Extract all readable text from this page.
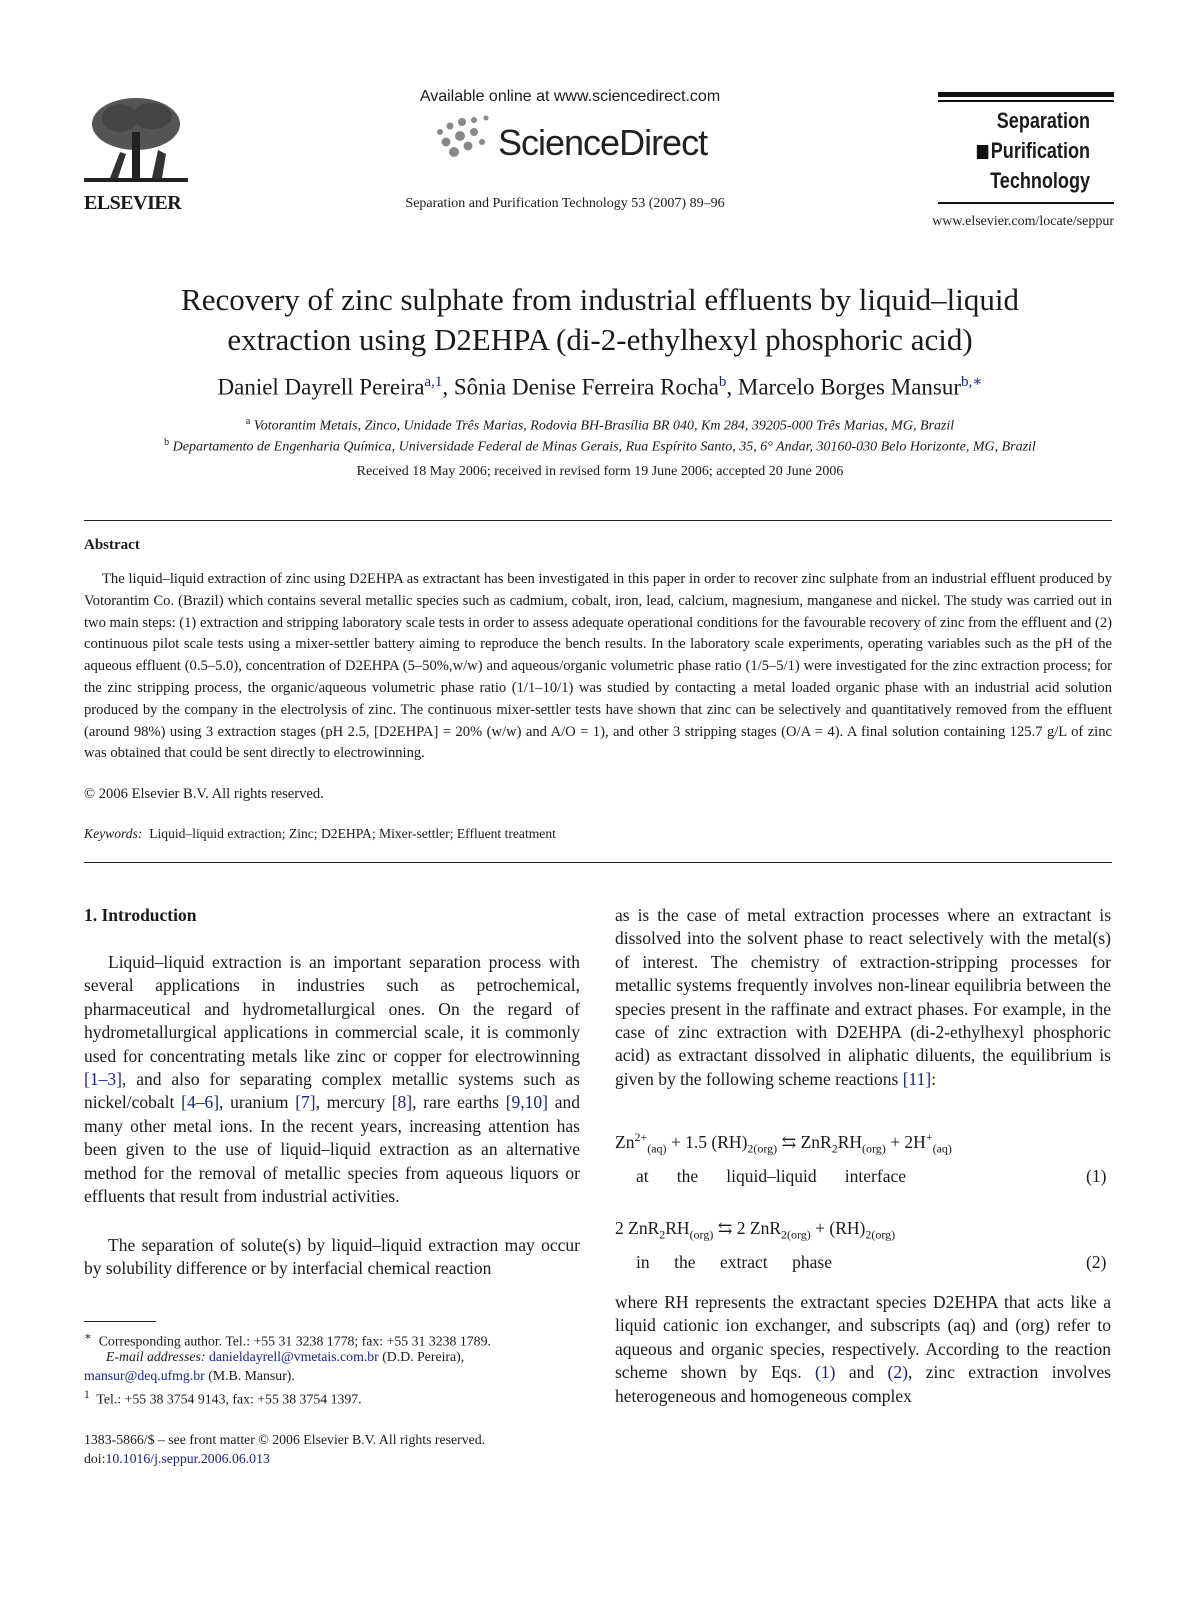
ELSEVIER
Available online at www.sciencedirect.com
ScienceDirect
Separation and Purification Technology 53 (2007) 89–96
Separation
Purification
Technology
www.elsevier.com/locate/seppur
Recovery of zinc sulphate from industrial effluents by liquid–liquid
extraction using D2EHPA (di-2-ethylhexyl phosphoric acid)
Daniel Dayrell Pereira$^{a,1}$, Sônia Denise Ferreira Rocha$^b$, Marcelo Borges Mansur$^{b,∗}$
$^a$ Votorantim Metais, Zinco, Unidade Três Marias, Rodovia BH-Brasília BR 040, Km 284, 39205-000 Três Marias, MG, Brazil
$^b$ Departamento de Engenharia Química, Universidade Federal de Minas Gerais, Rua Espírito Santo, 35, 6° Andar, 30160-030 Belo Horizonte, MG, Brazil
Received 18 May 2006; received in revised form 19 June 2006; accepted 20 June 2006
Abstract

The liquid–liquid extraction of zinc using D2EHPA as extractant has been investigated in this paper in order to recover zinc sulphate from an industrial effluent produced by Votorantim Co. (Brazil) which contains several metallic species such as cadmium, cobalt, iron, lead, calcium, magnesium, manganese and nickel. The study was carried out in two main steps: (1) extraction and stripping laboratory scale tests in order to assess adequate operational conditions for the favourable recovery of zinc from the effluent and (2) continuous pilot scale tests using a mixer-settler battery aiming to reproduce the bench results. In the laboratory scale experiments, operating variables such as the pH of the aqueous effluent (0.5–5.0), concentration of D2EHPA (5–50%,w/w) and aqueous/organic volumetric phase ratio (1/5–5/1) were investigated for the zinc extraction process; for the zinc stripping process, the organic/aqueous volumetric phase ratio (1/1–10/1) was studied by contacting a metal loaded organic phase with an industrial acid solution produced by the company in the electrolysis of zinc. The continuous mixer-settler tests have shown that zinc can be selectively and quantitatively removed from the effluent (around 98%) using 3 extraction stages (pH 2.5, [D2EHPA] = 20% (w/w) and A/O = 1), and other 3 stripping stages (O/A = 4). A final solution containing 125.7 g/L of zinc was obtained that could be sent directly to electrowinning.

© 2006 Elsevier B.V. All rights reserved.
Keywords: Liquid–liquid extraction; Zinc; D2EHPA; Mixer-settler; Effluent treatment
1. Introduction

Liquid–liquid extraction is an important separation process with several applications in industries such as petrochemical, pharmaceutical and hydrometallurgical ones. On the regard of hydrometallurgical applications in commercial scale, it is commonly used for concentrating metals like zinc or copper for electrowinning [1–3], and also for separating complex metallic systems such as nickel/cobalt [4–6], uranium [7], mercury [8], rare earths [9,10] and many other metal ions. In the recent years, increasing attention has been given to the use of liquid–liquid extraction as an alternative method for the removal of metallic species from aqueous liquors or effluents that result from industrial activities.

The separation of solute(s) by liquid–liquid extraction may occur by solubility difference or by interfacial chemical reaction

as is the case of metal extraction processes where an extractant is dissolved into the solvent phase to react selectively with the metal(s) of interest. The chemistry of extraction-stripping processes for metallic systems frequently involves non-linear equilibria between the species present in the raffinate and extract phases. For example, in the case of zinc extraction with D2EHPA (di-2-ethylhexyl phosphoric acid) as extractant dissolved in aliphatic diluents, the equilibrium is given by the following scheme reactions [11]:

$Zn^{2+}_{(aq)} + 1.5$ $(RH)_{2(org)}$ ⇆ $ZnR_2RH_{(org)} + 2H^+_{(aq)}$
at the liquid–liquid interface	(1)
2 $ZnR_2RH_{(org)}$ ⇆ 2 $ZnR_{2(org)} + (RH)_{2(org)}$
in the extract phase	(2)

where RH represents the extractant species D2EHPA that acts like a liquid cationic ion exchanger, and subscripts (aq) and (org) refer to aqueous and organic species, respectively. According to the reaction scheme shown by Eqs. (1) and (2), zinc extraction involves heterogeneous and homogeneous complex

∗ Corresponding author. Tel.: +55 31 3238 1778; fax: +55 31 3238 1789.
E-mail addresses: danieldayrell@vmetais.com.br (D.D. Pereira),
mansur@deq.ufmg.br (M.B. Mansur).
$^1$ Tel.: +55 38 3754 9143, fax: +55 38 3754 1397.
1383-5866/$ – see front matter © 2006 Elsevier B.V. All rights reserved.
doi:10.1016/j.seppur.2006.06.013
